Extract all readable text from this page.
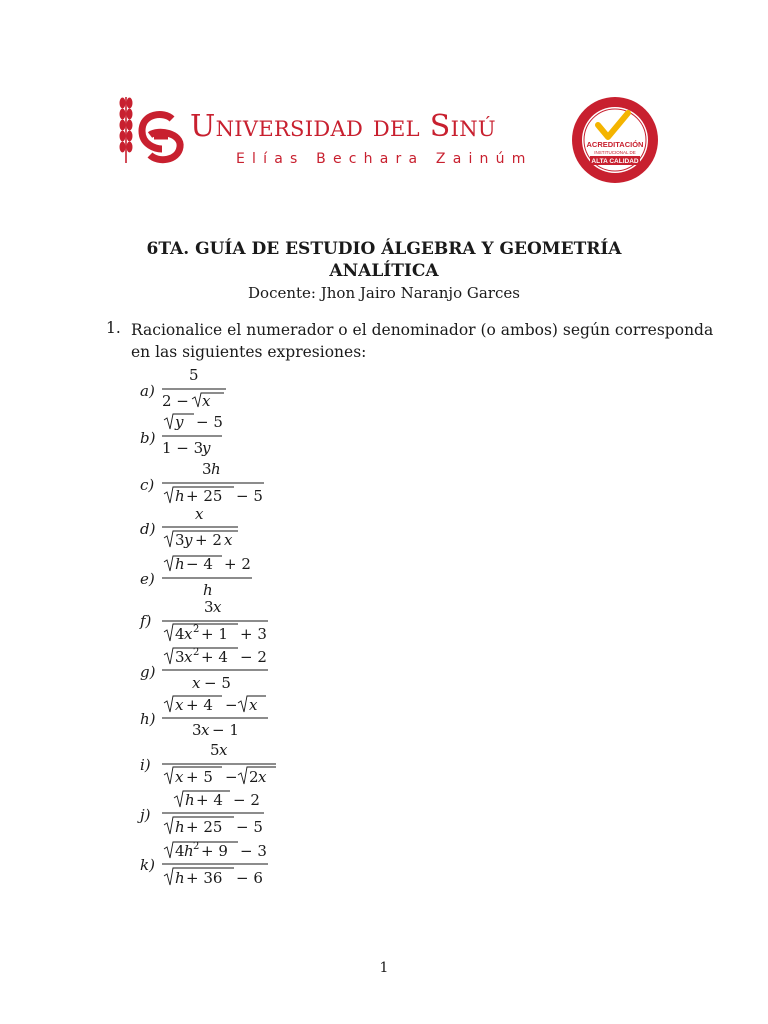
Universidad del Sinú
Elías Bechara Zainúm
ACREDITACIÓN
INSTITUCIONAL DE
ALTA CALIDAD
6TA. GUÍA DE ESTUDIO ÁLGEBRA Y GEOMETRÍA
ANALÍTICA
Docente: Jhon Jairo Naranjo Garces
1. Racionalice el numerador o el denominador (o ambos) según corresponda en las siguientes expresiones:
a)
5
2 − x
b)
y − 5
1 − 3
y
c)
3 h
h + 25 − 5
d)
x
3 y + 2 x
e)
h − 4 + 2
h
f)
3 x
4 x 2 + 1 + 3
g)
3 x 2 + 4 − 2
x − 5
h)
x + 4 − x
3 x − 1
i)
5 x
x + 5 − 2 x
j)
h + 4 − 2
h + 25 − 5
k)
4 h 2 + 9 − 3
h + 36 − 6
1
